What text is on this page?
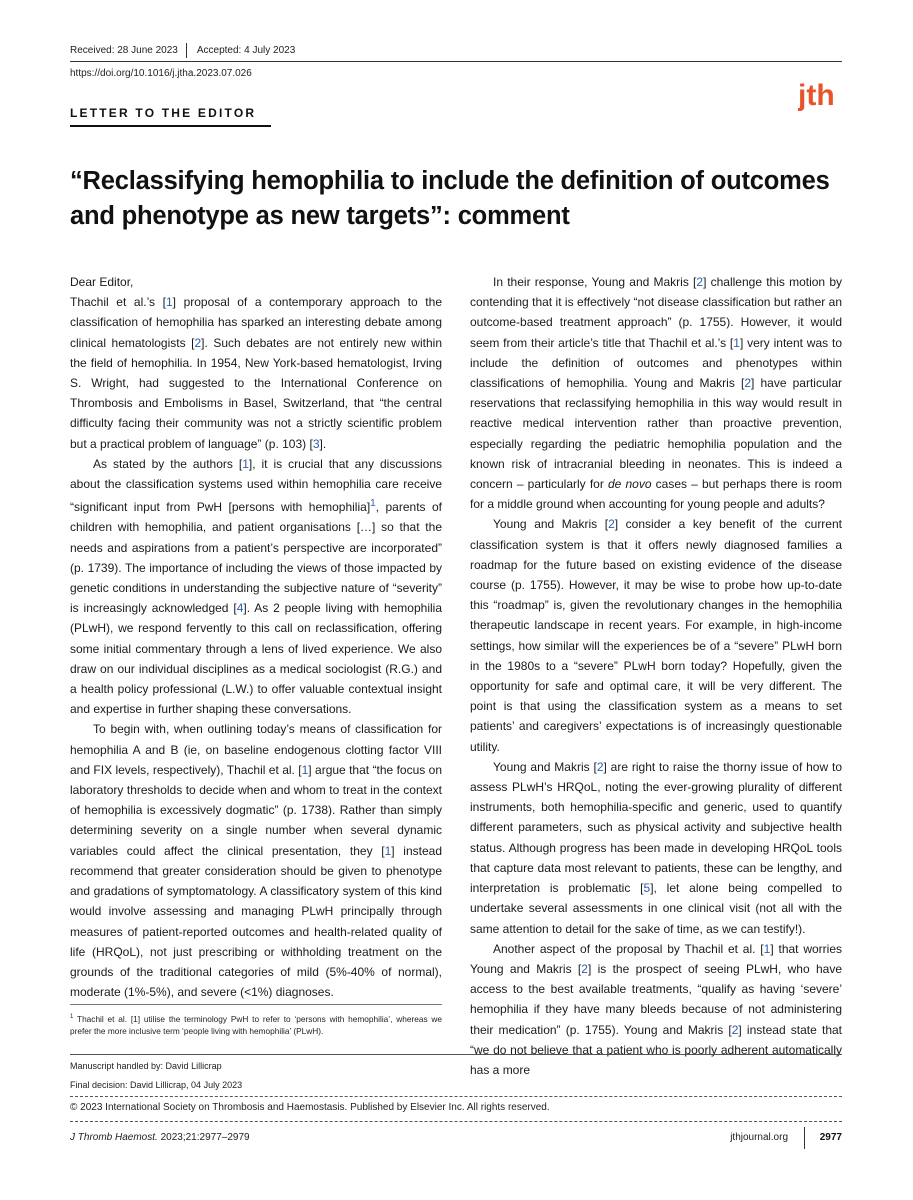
Received: 28 June 2023 Accepted: 4 July 2023
https://doi.org/10.1016/j.jtha.2023.07.026
LETTER TO THE EDITOR
jth
“Reclassifying hemophilia to include the definition of outcomes and phenotype as new targets”: comment

Dear Editor,

Thachil et al.’s [1] proposal of a contemporary approach to the classification of hemophilia has sparked an interesting debate among clinical hematologists [2]. Such debates are not entirely new within the field of hemophilia. In 1954, New York-based hematologist, Irving S. Wright, had suggested to the International Conference on Thrombosis and Embolisms in Basel, Switzerland, that “the central difficulty facing their community was not a strictly scientific problem but a practical problem of language” (p. 103) [3].

As stated by the authors [1], it is crucial that any discussions about the classification systems used within hemophilia care receive “significant input from PwH [persons with hemophilia]$^1$, parents of children with hemophilia, and patient organisations […] so that the needs and aspirations from a patient’s perspective are incorporated” (p. 1739). The importance of including the views of those impacted by genetic conditions in understanding the subjective nature of “severity” is increasingly acknowledged [4]. As 2 people living with hemophilia (PLwH), we respond fervently to this call on reclassification, offering some initial commentary through a lens of lived experience. We also draw on our individual disciplines as a medical sociologist (R.G.) and a health policy professional (L.W.) to offer valuable contextual insight and expertise in further shaping these conversations.

To begin with, when outlining today’s means of classification for hemophilia A and B (ie, on baseline endogenous clotting factor VIII and FIX levels, respectively), Thachil et al. [1] argue that “the focus on laboratory thresholds to decide when and whom to treat in the context of hemophilia is excessively dogmatic” (p. 1738). Rather than simply determining severity on a single number when several dynamic variables could affect the clinical presentation, they [1] instead recommend that greater consideration should be given to phenotype and gradations of symptomatology. A classificatory system of this kind would involve assessing and managing PLwH principally through measures of patient-reported outcomes and health-related quality of life (HRQoL), not just prescribing or withholding treatment on the grounds of the traditional categories of mild (5%-40% of normal), moderate (1%-5%), and severe (<1%) diagnoses.

In their response, Young and Makris [2] challenge this motion by contending that it is effectively “not disease classification but rather an outcome-based treatment approach” (p. 1755). However, it would seem from their article’s title that Thachil et al.’s [1] very intent was to include the definition of outcomes and phenotypes within classifications of hemophilia. Young and Makris [2] have particular reservations that reclassifying hemophilia in this way would result in reactive medical intervention rather than proactive prevention, especially regarding the pediatric hemophilia population and the known risk of intracranial bleeding in neonates. This is indeed a concern – particularly for de novo cases – but perhaps there is room for a middle ground when accounting for young people and adults?

Young and Makris [2] consider a key benefit of the current classification system is that it offers newly diagnosed families a roadmap for the future based on existing evidence of the disease course (p. 1755). However, it may be wise to probe how up-to-date this “roadmap” is, given the revolutionary changes in the hemophilia therapeutic landscape in recent years. For example, in high-income settings, how similar will the experiences be of a “severe” PLwH born in the 1980s to a “severe” PLwH born today? Hopefully, given the opportunity for safe and optimal care, it will be very different. The point is that using the classification system as a means to set patients’ and caregivers’ expectations is of increasingly questionable utility.

Young and Makris [2] are right to raise the thorny issue of how to assess PLwH’s HRQoL, noting the ever-growing plurality of different instruments, both hemophilia-specific and generic, used to quantify different parameters, such as physical activity and subjective health status. Although progress has been made in developing HRQoL tools that capture data most relevant to patients, these can be lengthy, and interpretation is problematic [5], let alone being compelled to undertake several assessments in one clinical visit (not all with the same attention to detail for the sake of time, as we can testify!).

Another aspect of the proposal by Thachil et al. [1] that worries Young and Makris [2] is the prospect of seeing PLwH, who have access to the best available treatments, “qualify as having ‘severe’ hemophilia if they have many bleeds because of not administering their medication” (p. 1755). Young and Makris [2] instead state that “we do not believe that a patient who is poorly adherent automatically has a more

$^1$ Thachil et al. [1] utilise the terminology PwH to refer to ‘persons with hemophilia’, whereas we prefer the more inclusive term ‘people living with hemophilia’ (PLwH).
Manuscript handled by: David Lillicrap
Final decision: David Lillicrap, 04 July 2023
© 2023 International Society on Thrombosis and Haemostasis. Published by Elsevier Inc. All rights reserved.
J Thromb Haemost. 2023;21:2977–2979	jthjournal.org	2977
